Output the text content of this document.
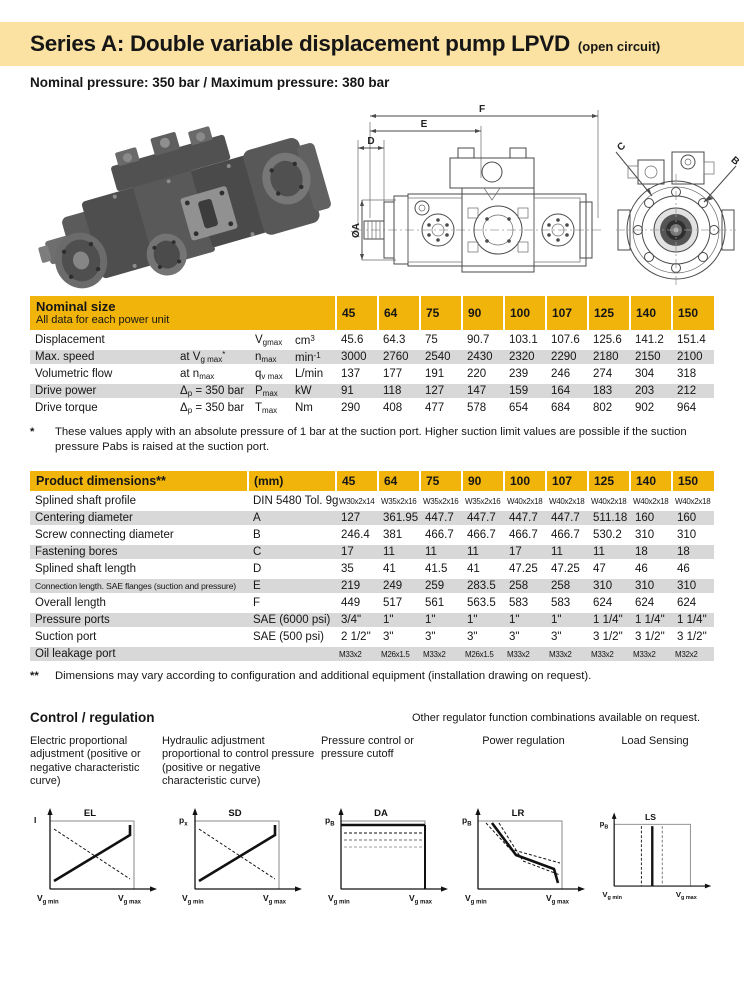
Series A: Double variable displacement pump LPVD (open circuit)
Nominal pressure: 350 bar / Maximum pressure: 380 bar
F
E
D
ØA
C
B
Nominal size
All data for each power unit				45	64	75	90	100	107	125	140	150
Displacement		$V_{gmax}$	$cm^3$	45.6	64.3	75	90.7	103.1	107.6	125.6	141.2	151.4
Max. speed	at $V_{g max}^*$	$n_{max}$	$\min^{-1}$	3000	2760	2540	2430	2320	2290	2180	2150	2100
Volumetric flow	at $n_{max}$	$q_{v max}$	L/min	137	177	191	220	239	246	274	304	318
Drive power	$\Delta_p = 350$ bar	$P_{max}$	kW	91	118	127	147	159	164	183	203	212
Drive torque	$\Delta_p = 350$ bar	$T_{max}$	Nm	290	408	477	578	654	684	802	902	964
*	These values apply with an absolute pressure of 1 bar at the suction port. Higher suction limit values are possible if the suction pressure Pabs is raised at the suction port.
Product dimensions**	(mm)	45	64	75	90	100	107	125	140	150
Splined shaft profile	DIN 5480 Tol. 9g	W30x2x14	W35x2x16	W35x2x16	W35x2x16	W40x2x18	W40x2x18	W40x2x18	W40x2x18	W40x2x18
Centering diameter	A	127	361.95	447.7	447.7	447.7	447.7	511.18	160	160
Screw connecting diameter	B	246.4	381	466.7	466.7	466.7	466.7	530.2	310	310
Fastening bores	C	17	11	11	11	17	11	11	18	18
Splined shaft length	D	35	41	41.5	41	47.25	47.25	47	46	46
Connection length. SAE flanges (suction and pressure)	E	219	249	259	283.5	258	258	310	310	310
Overall length	F	449	517	561	563.5	583	583	624	624	624
Pressure ports	SAE (6000 psi)	3/4"	1"	1"	1"	1"	1"	1 1/4"	1 1/4"	1 1/4"
Suction port	SAE (500 psi)	2 1/2"	3"	3"	3"	3"	3"	3 1/2"	3 1/2"	3 1/2"
Oil leakage port		M33x2	M26x1.5	M33x2	M26x1.5	M33x2	M33x2	M33x2	M33x2	M32x2
**	Dimensions may vary according to configuration and additional equipment (installation drawing on request).
Control / regulation	Other regulator function combinations available on request.
Electric proportional adjustment (positive or negative characteristic curve)
EL
I
$V_{g min}$	$V_{g max}$
Hydraulic adjustment proportional to control pressure (positive or negative characteristic curve)
SD
$p_x$
$V_{g min}$	$V_{g max}$
Pressure control or pressure cutoff
DA
$p_B$
$V_{g min}$	$V_{g max}$
Power regulation
LR
$p_B$
$V_{g min}$	$V_{g max}$
Load Sensing
LS
$p_B$
$V_{g min}$	$V_{g max}$
